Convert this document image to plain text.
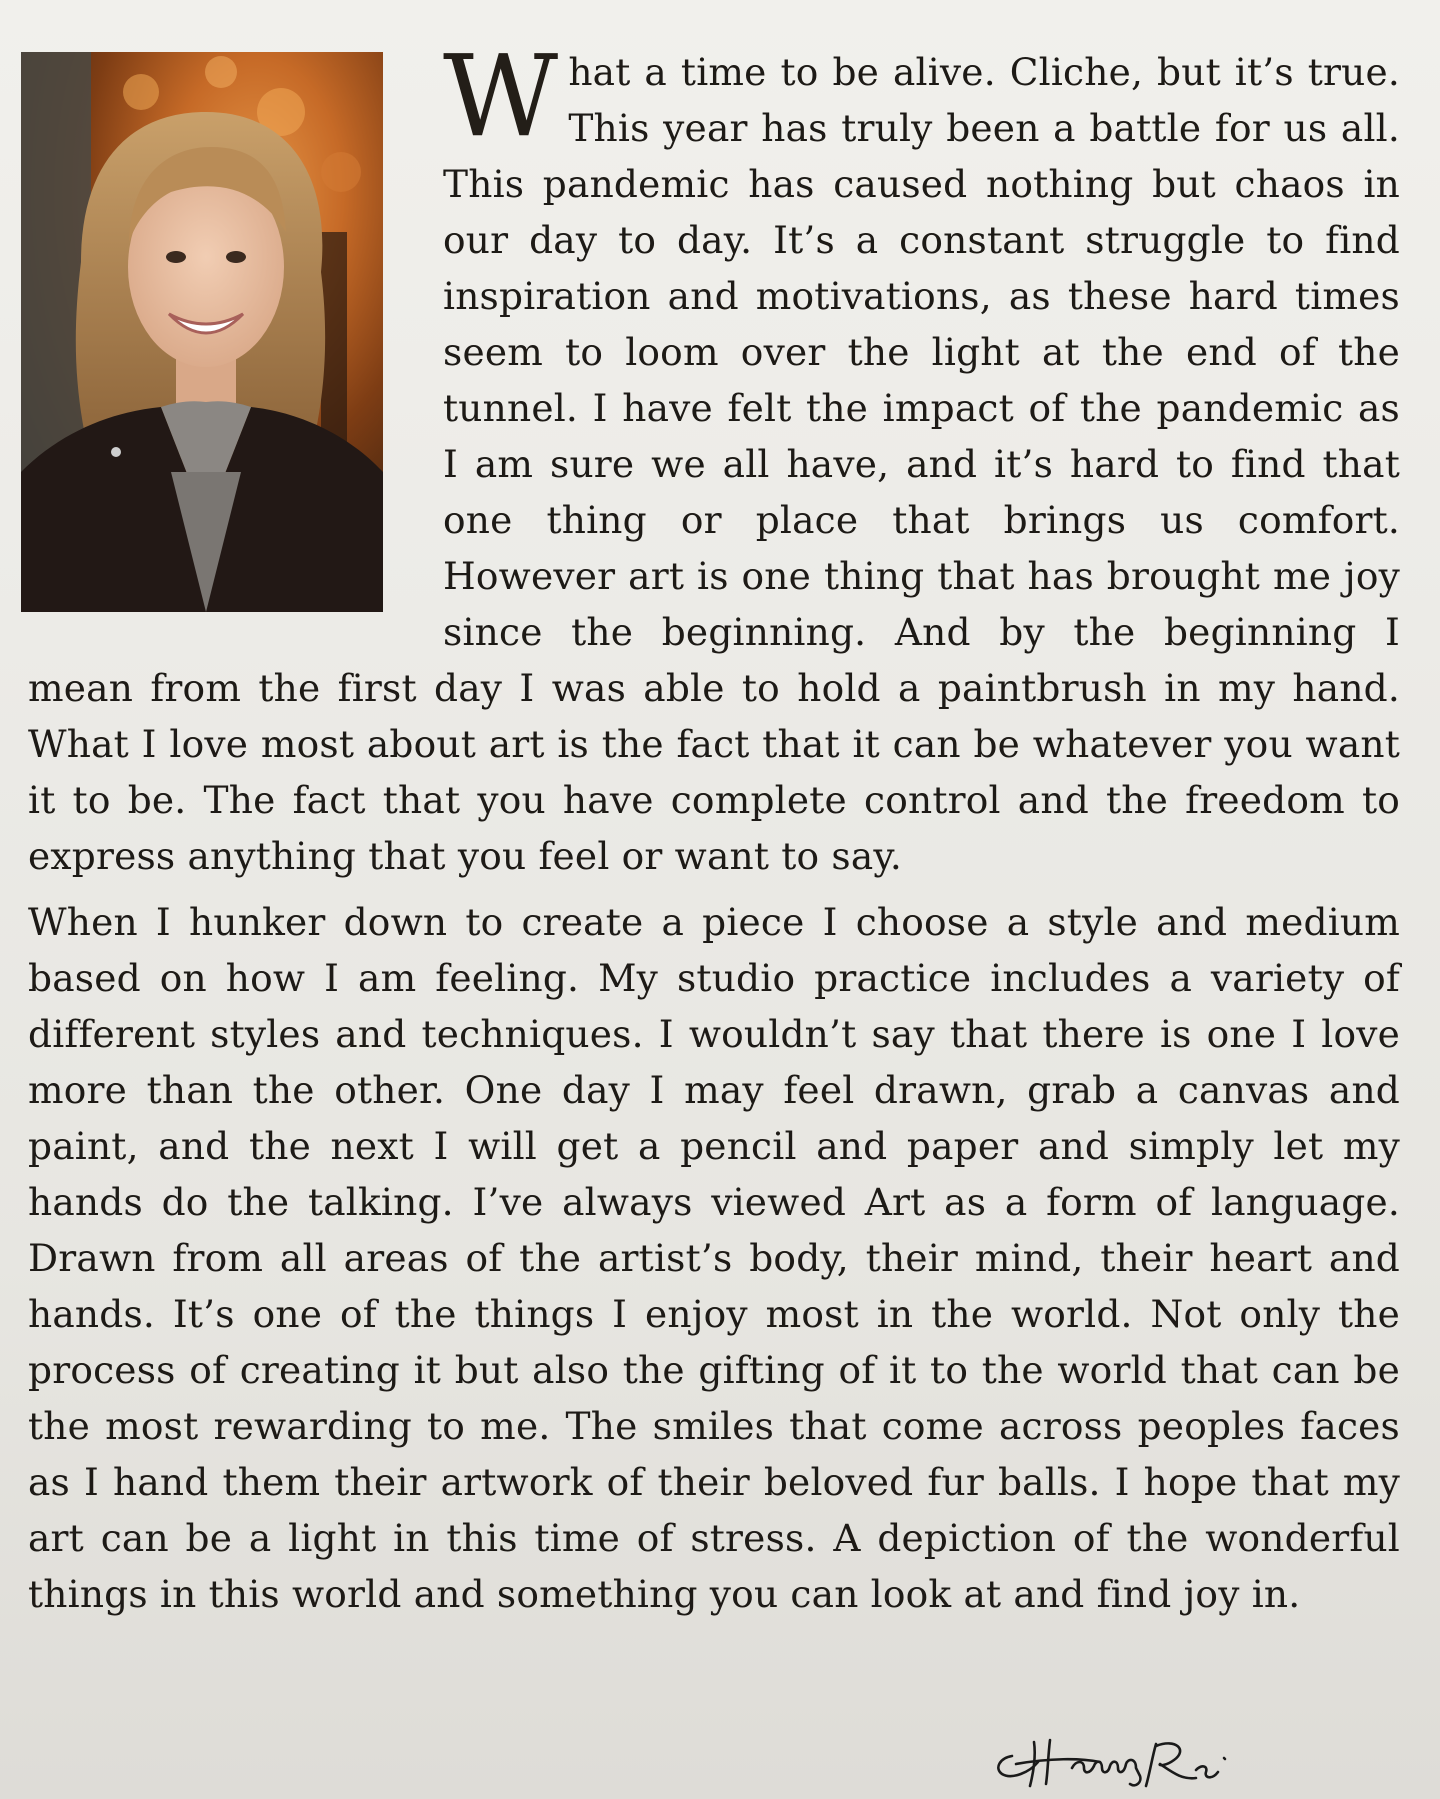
What a time to be alive. Cliche, but it’s true. This year has truly been a battle for us all. This pandemic has caused nothing but chaos in our day to day. It’s a constant struggle to find inspiration and motivations, as these hard times seem to loom over the light at the end of the tunnel. I have felt the impact of the pandemic as I am sure we all have, and it’s hard to find that one thing or place that brings us comfort. However art is one thing that has brought me joy since the beginning. And by the beginning I mean from the first day I was able to hold a paintbrush in my hand. What I love most about art is the fact that it can be whatever you want it to be. The fact that you have complete control and the freedom to express anything that you feel or want to say.

When I hunker down to create a piece I choose a style and medium based on how I am feeling. My studio practice includes a variety of different styles and techniques. I wouldn’t say that there is one I love more than the other. One day I may feel drawn, grab a canvas and paint, and the next I will get a pencil and paper and simply let my hands do the talking. I’ve always viewed Art as a form of language. Drawn from all areas of the artist’s body, their mind, their heart and hands. It’s one of the things I enjoy most in the world. Not only the process of creating it but also the gifting of it to the world that can be the most rewarding to me. The smiles that come across peoples faces as I hand them their artwork of their beloved fur balls. I hope that my art can be a light in this time of stress. A depiction of the wonderful things in this world and something you can look at and find joy in.
